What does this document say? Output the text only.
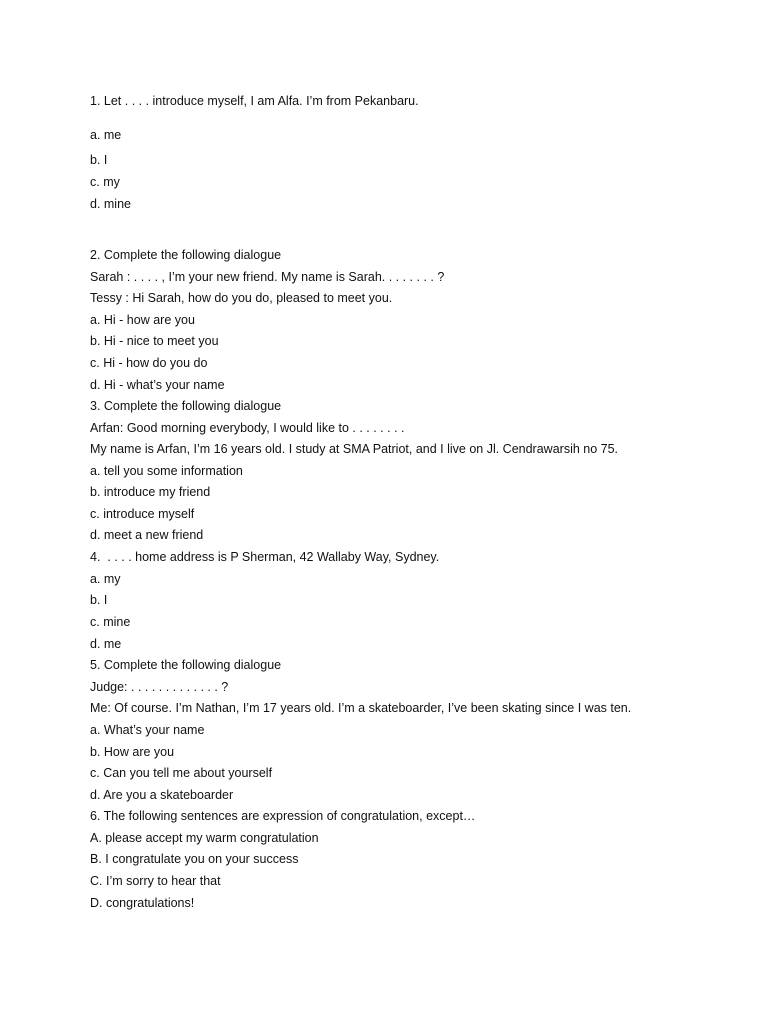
1. Let . . . . introduce myself, I am Alfa. I’m from Pekanbaru.
a. me
b. I
c. my
d. mine
2. Complete the following dialogue
Sarah : . . . . , I’m your new friend. My name is Sarah. . . . . . . . ?
Tessy : Hi Sarah, how do you do, pleased to meet you.
a. Hi - how are you
b. Hi - nice to meet you
c. Hi - how do you do
d. Hi - what’s your name
3. Complete the following dialogue
Arfan: Good morning everybody, I would like to . . . . . . . .
My name is Arfan, I’m 16 years old. I study at SMA Patriot, and I live on Jl. Cendrawarsih no 75.
a. tell you some information
b. introduce my friend
c. introduce myself
d. meet a new friend
4.  . . . . home address is P Sherman, 42 Wallaby Way, Sydney.
a. my
b. I
c. mine
d. me
5. Complete the following dialogue
Judge: . . . . . . . . . . . . . ?
Me: Of course. I’m Nathan, I’m 17 years old. I’m a skateboarder, I’ve been skating since I was ten.
a. What’s your name
b. How are you
c. Can you tell me about yourself
d. Are you a skateboarder
6. The following sentences are expression of congratulation, except…
A. please accept my warm congratulation
B. I congratulate you on your success
C. I’m sorry to hear that
D. congratulations!
